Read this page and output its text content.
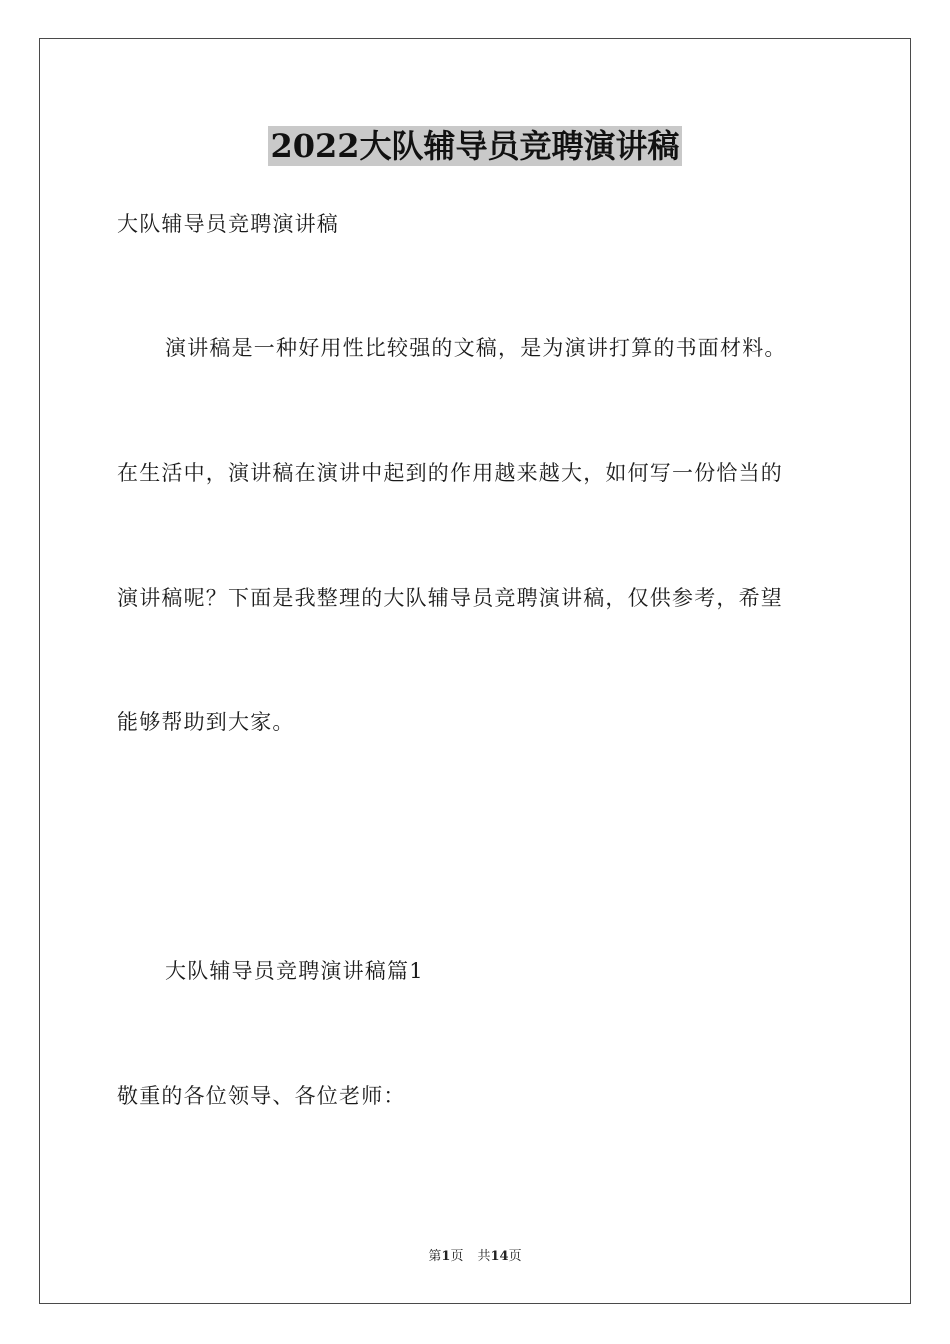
2022大队辅导员竞聘演讲稿
大队辅导员竞聘演讲稿
演讲稿是一种好用性比较强的文稿，是为演讲打算的书面材料。
在生活中，演讲稿在演讲中起到的作用越来越大，如何写一份恰当的
演讲稿呢？下面是我整理的大队辅导员竞聘演讲稿，仅供参考，希望
能够帮助到大家。
大队辅导员竞聘演讲稿篇1
敬重的各位领导、各位老师：
第1页 共14页
